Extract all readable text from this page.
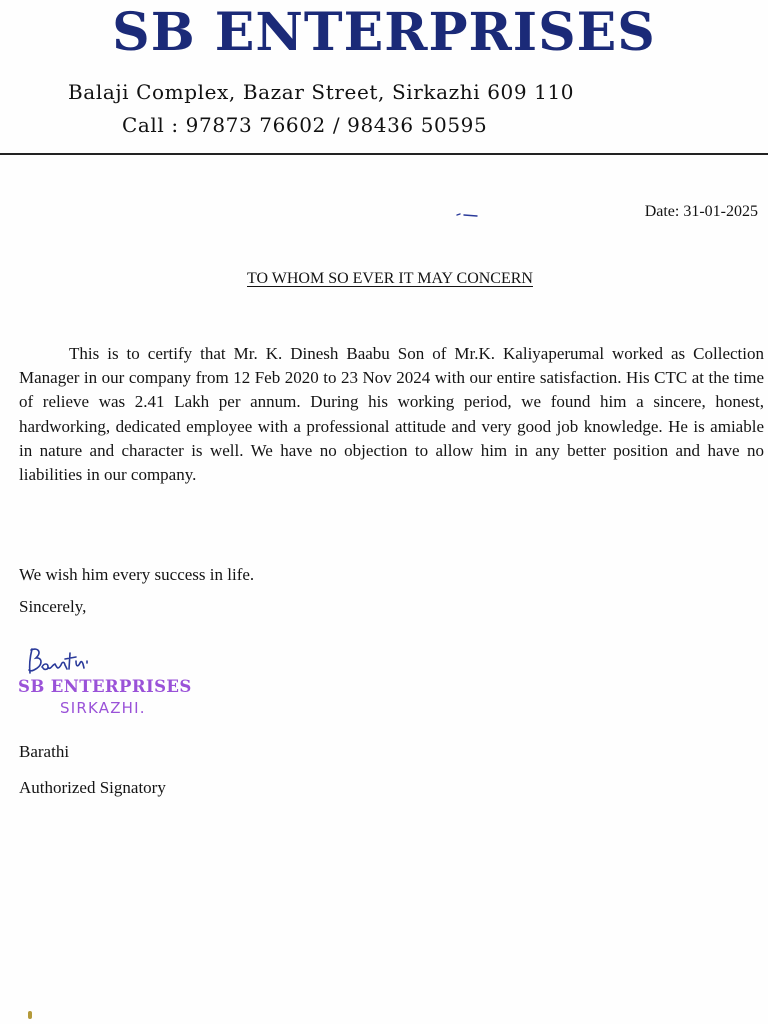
SB ENTERPRISES

Balaji Complex, Bazar Street, Sirkazhi 609 110

Call : 97873 76602 / 98436 50595

Date: 31-01-2025

TO WHOM SO EVER IT MAY CONCERN

This is to certify that Mr. K. Dinesh Baabu Son of Mr.K. Kaliyaperumal worked as Collection Manager in our company from 12 Feb 2020 to 23 Nov 2024 with our entire satisfaction. His CTC at the time of relieve was 2.41 Lakh per annum. During his working period, we found him a sincere, honest, hardworking, dedicated employee with a professional attitude and very good job knowledge. He is amiable in nature and character is well. We have no objection to allow him in any better position and have no liabilities in our company.

We wish him every success in life.

Sincerely,

SB ENTERPRISES
SIRKAZHI.

Barathi

Authorized Signatory
